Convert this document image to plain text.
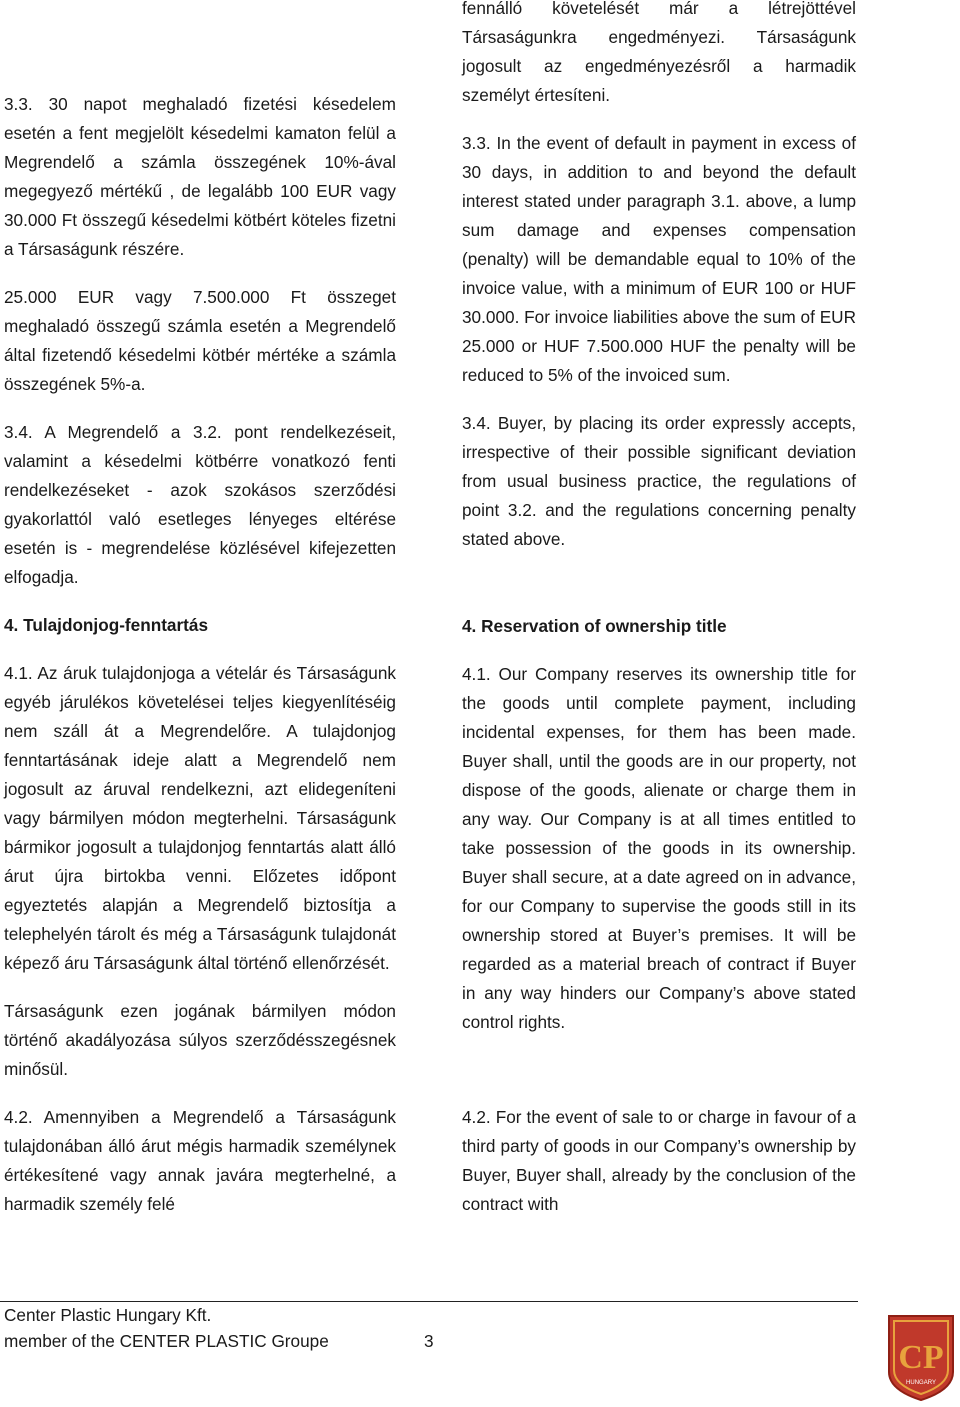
3.3. 30 napot meghaladó fizetési késedelem esetén a fent megjelölt késedelmi kamaton felül a Megrendelő a számla összegének 10%-ával megegyező mértékű , de legalább 100 EUR vagy 30.000 Ft összegű késedelmi kötbért köteles fizetni a Társaságunk részére.

25.000 EUR vagy 7.500.000 Ft összeget meghaladó összegű számla esetén a Megrendelő által fizetendő késedelmi kötbér mértéke a számla összegének 5%-a.

3.4. A Megrendelő a 3.2. pont rendelkezéseit, valamint a késedelmi kötbérre vonatkozó fenti rendelkezéseket - azok szokásos szerződési gyakorlattól való esetleges lényeges eltérése esetén is - megrendelése közlésével kifejezetten elfogadja.

4. Tulajdonjog-fenntartás

4.1. Az áruk tulajdonjoga a vételár és Társaságunk egyéb járulékos követelései teljes kiegyenlítéséig nem száll át a Megrendelőre. A tulajdonjog fenntartásának ideje alatt a Megrendelő nem jogosult az áruval rendelkezni, azt elidegeníteni vagy bármilyen módon megterhelni. Társaságunk bármikor jogosult a tulajdonjog fenntartás alatt álló árut újra birtokba venni. Előzetes időpont egyeztetés alapján a Megrendelő biztosítja a telephelyén tárolt és még a Társaságunk tulajdonát képező áru Társaságunk által történő ellenőrzését.

Társaságunk ezen jogának bármilyen módon történő akadályozása súlyos szerződésszegésnek minősül.

4.2. Amennyiben a Megrendelő a Társaságunk tulajdonában álló árut mégis harmadik személynek értékesítené vagy annak javára megterhelné, a harmadik személy felé

fennálló követelését már a létrejöttével Társaságunkra engedményezi. Társaságunk jogosult az engedményezésről a harmadik személyt értesíteni.

3.3. In the event of default in payment in excess of 30 days, in addition to and beyond the default interest stated under paragraph 3.1. above, a lump sum damage and expenses compensation (penalty) will be demandable equal to 10% of the invoice value, with a minimum of EUR 100 or HUF 30.000. For invoice liabilities above the sum of EUR 25.000 or HUF 7.500.000 HUF the penalty will be reduced to 5% of the invoiced sum.

3.4. Buyer, by placing its order expressly accepts, irrespective of their possible significant deviation from usual business practice, the regulations of point 3.2. and the regulations concerning penalty stated above.

4. Reservation of ownership title

4.1. Our Company reserves its ownership title for the goods until complete payment, including incidental expenses, for them has been made. Buyer shall, until the goods are in our property, not dispose of the goods, alienate or charge them in any way. Our Company is at all times entitled to take possession of the goods in its ownership. Buyer shall secure, at a date agreed on in advance, for our Company to supervise the goods still in its ownership stored at Buyer’s premises. It will be regarded as a material breach of contract if Buyer in any way hinders our Company’s above stated control rights.

4.2. For the event of sale to or charge in favour of a third party of goods in our Company’s ownership by Buyer, Buyer shall, already by the conclusion of the contract with

Center Plastic Hungary Kft.
member of the CENTER PLASTIC Groupe	3	CP
HUNGARY
